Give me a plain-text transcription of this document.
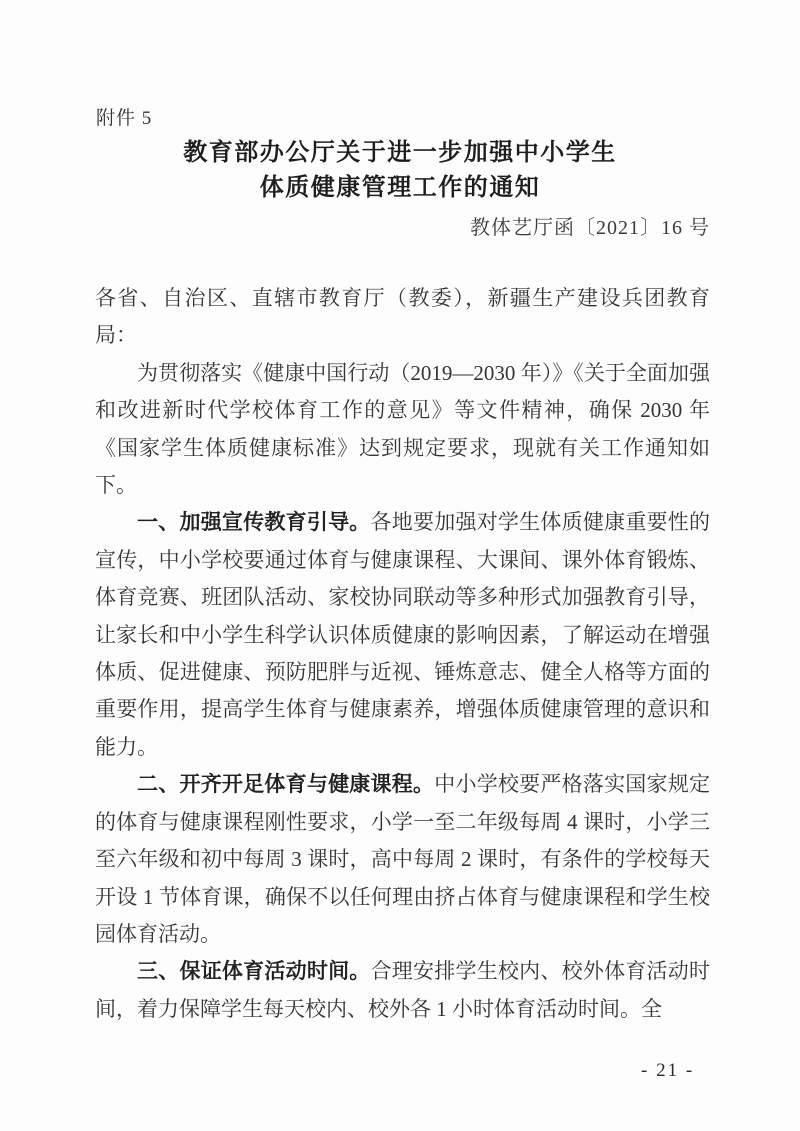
附件 5
教育部办公厅关于进一步加强中小学生
体质健康管理工作的通知
教体艺厅函〔2021〕16 号

各省、自治区、直辖市教育厅（教委），新疆生产建设兵团教育局：

为贯彻落实《健康中国行动（2019—2030 年）》《关于全面加强和改进新时代学校体育工作的意见》等文件精神，确保 2030 年《国家学生体质健康标准》达到规定要求，现就有关工作通知如下。

一、加强宣传教育引导。各地要加强对学生体质健康重要性的宣传，中小学校要通过体育与健康课程、大课间、课外体育锻炼、体育竞赛、班团队活动、家校协同联动等多种形式加强教育引导，让家长和中小学生科学认识体质健康的影响因素，了解运动在增强体质、促进健康、预防肥胖与近视、锤炼意志、健全人格等方面的重要作用，提高学生体育与健康素养，增强体质健康管理的意识和能力。

二、开齐开足体育与健康课程。中小学校要严格落实国家规定的体育与健康课程刚性要求，小学一至二年级每周 4 课时，小学三至六年级和初中每周 3 课时，高中每周 2 课时，有条件的学校每天开设 1 节体育课，确保不以任何理由挤占体育与健康课程和学生校园体育活动。

三、保证体育活动时间。合理安排学生校内、校外体育活动时间，着力保障学生每天校内、校外各 1 小时体育活动时间。全

- 21 -
